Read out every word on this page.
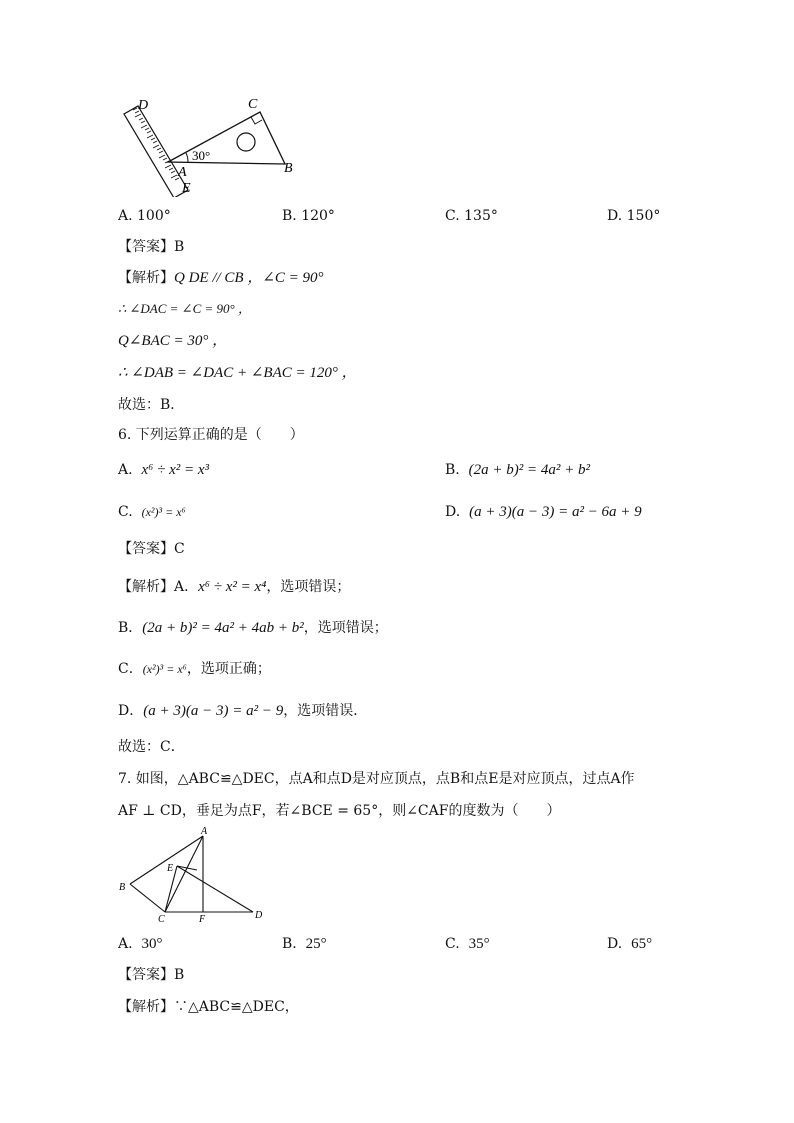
D	C
A
E
B
30°
A. 100°	B. 120°	C. 135°	D. 150°
【答案】B
【解析】Q DE // CB ，∠C = 90°
∴ ∠DAC = ∠C = 90° ，
Q∠BAC = 30° ，
∴ ∠DAB = ∠DAC + ∠BAC = 120° ，
故选：B．
6. 下列运算正确的是（　　）
A. x⁶ ÷ x² = x³	B. (2a + b)² = 4a² + b²
C. (x²)³ = x⁶	D. (a + 3)(a − 3) = a² − 6a + 9
【答案】C
【解析】A．x⁶ ÷ x² = x⁴，选项错误；
B．(2a + b)² = 4a² + 4ab + b²，选项错误；
C．(x²)³ = x⁶，选项正确；
D．(a + 3)(a − 3) = a² − 9，选项错误．
故选：C．
7. 如图，△ABC≌△DEC，点A和点D是对应顶点，点B和点E是对应顶点，过点A作
AF ⊥ CD，垂足为点F，若∠BCE = 65°，则∠CAF的度数为（　　）
A
E
B
C	F	D
A. 30°	B. 25°	C. 35°	D. 65°
【答案】B
【解析】∵△ABC≌△DEC，
